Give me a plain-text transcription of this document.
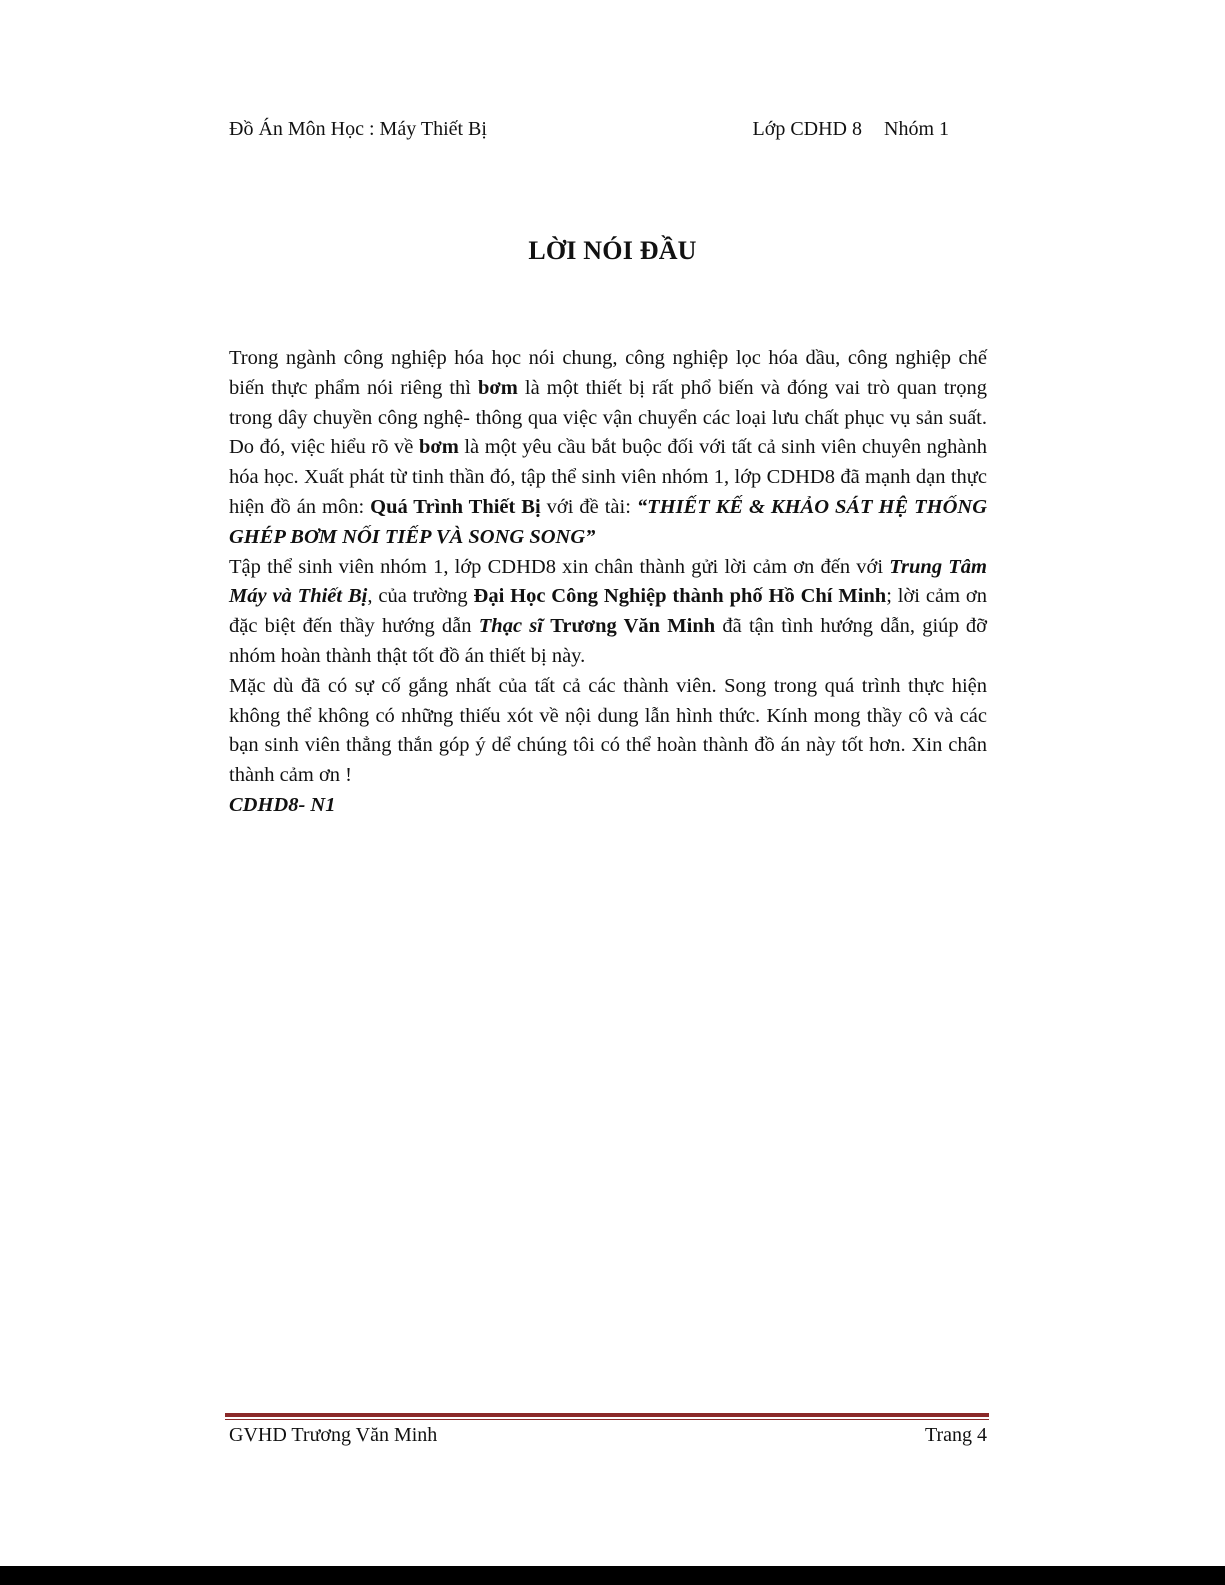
Đồ Án Môn Học : Máy Thiết Bị	Lớp CDHD 8 Nhóm 1
LỜI NÓI ĐẦU

Trong ngành công nghiệp hóa học nói chung, công nghiệp lọc hóa dầu, công nghiệp chế biến thực phẩm nói riêng thì bơm là một thiết bị rất phổ biến và đóng vai trò quan trọng trong dây chuyền công nghệ- thông qua việc vận chuyển các loại lưu chất phục vụ sản suất. Do đó, việc hiểu rõ về bơm là một yêu cầu bắt buộc đối với tất cả sinh viên chuyên nghành hóa học. Xuất phát từ tinh thần đó, tập thể sinh viên nhóm 1, lớp CDHD8 đã mạnh dạn thực hiện đồ án môn: Quá Trình Thiết Bị với đề tài: “THIẾT KẾ & KHẢO SÁT HỆ THỐNG GHÉP BƠM NỐI TIẾP VÀ SONG SONG”

Tập thể sinh viên nhóm 1, lớp CDHD8 xin chân thành gửi lời cảm ơn đến với Trung Tâm Máy và Thiết Bị, của trường Đại Học Công Nghiệp thành phố Hồ Chí Minh; lời cảm ơn đặc biệt đến thầy hướng dẫn Thạc sĩ Trương Văn Minh đã tận tình hướng dẫn, giúp đỡ nhóm hoàn thành thật tốt đồ án thiết bị này.

Mặc dù đã có sự cố gắng nhất của tất cả các thành viên. Song trong quá trình thực hiện không thể không có những thiếu xót về nội dung lẫn hình thức. Kính mong thầy cô và các bạn sinh viên thẳng thắn góp ý dể chúng tôi có thể hoàn thành đồ án này tốt hơn. Xin chân thành cảm ơn !

CDHD8- N1

GVHD Trương Văn Minh	Trang 4
